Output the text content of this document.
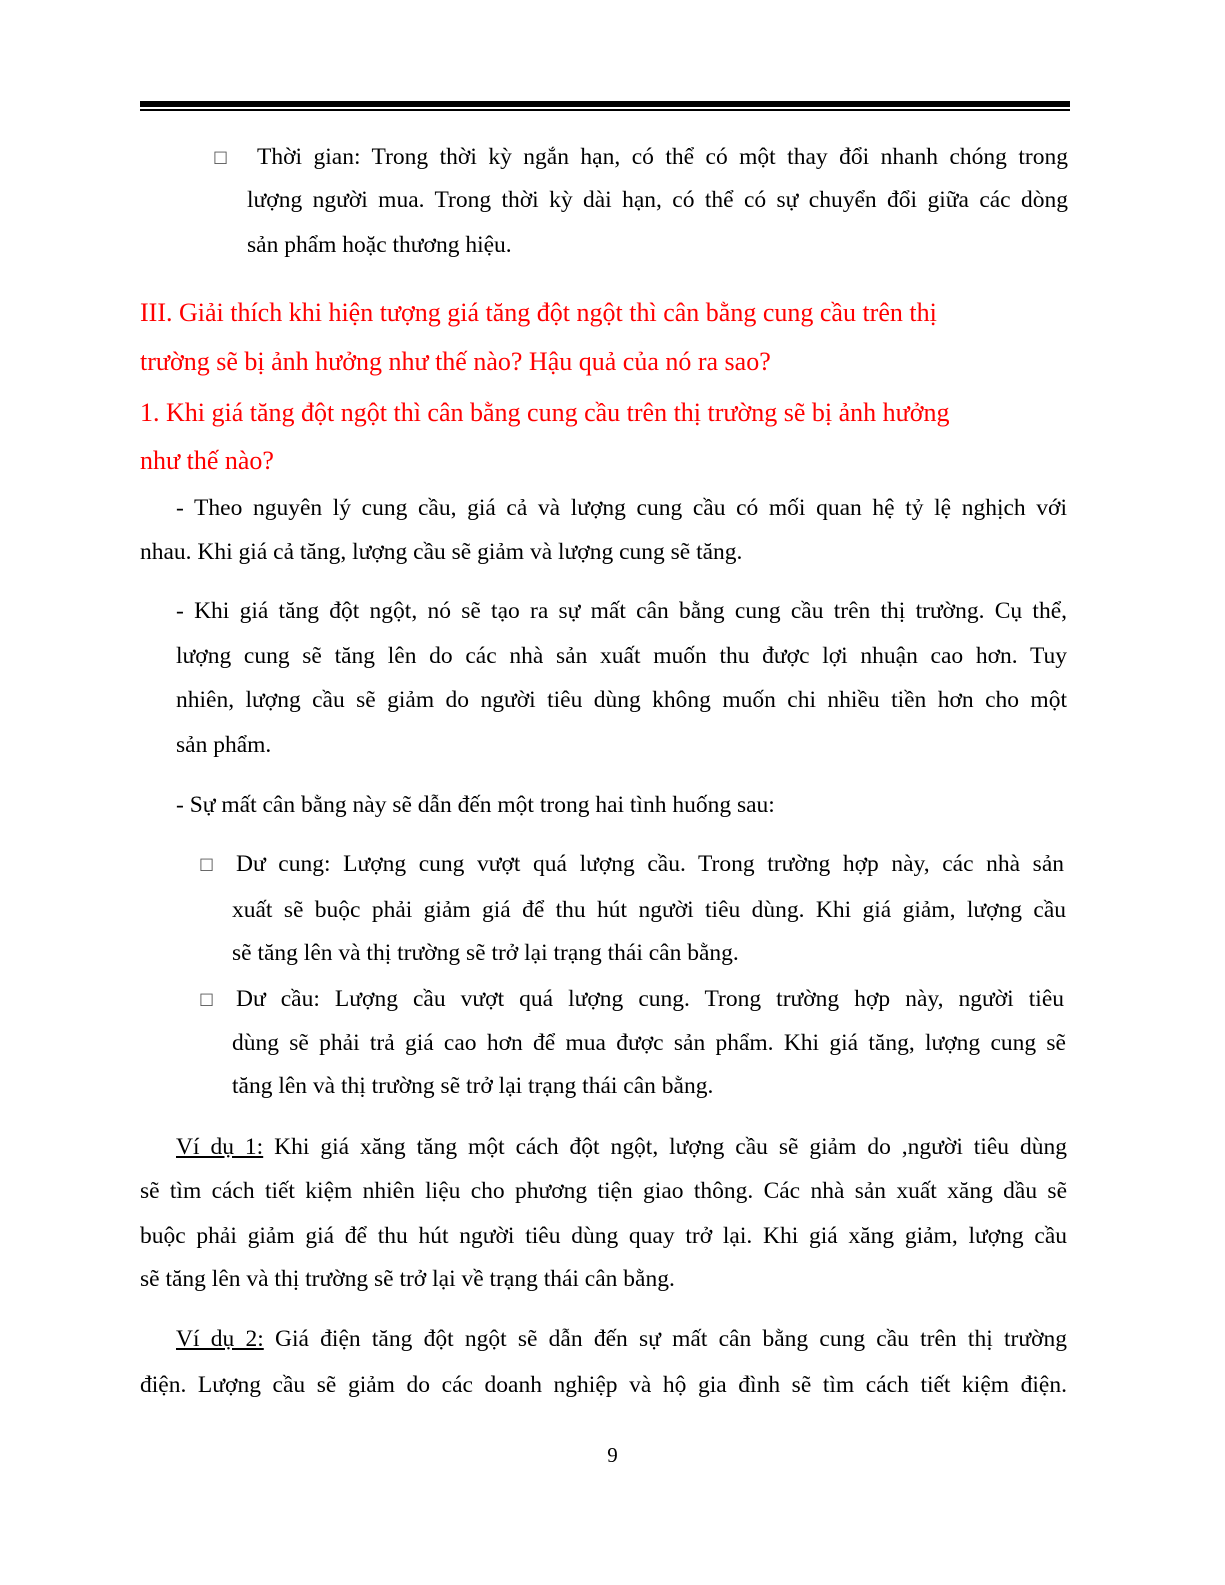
□ Thời gian: Trong thời kỳ ngắn hạn, có thể có một thay đổi nhanh chóng trong
lượng người mua. Trong thời kỳ dài hạn, có thể có sự chuyển đổi giữa các dòng
sản phẩm hoặc thương hiệu.
III. Giải thích khi hiện tượng giá tăng đột ngột thì cân bằng cung cầu trên thị
trường sẽ bị ảnh hưởng như thế nào? Hậu quả của nó ra sao?
1. Khi giá tăng đột ngột thì cân bằng cung cầu trên thị trường sẽ bị ảnh hưởng
như thế nào?
- Theo nguyên lý cung cầu, giá cả và lượng cung cầu có mối quan hệ tỷ lệ nghịch với
nhau. Khi giá cả tăng, lượng cầu sẽ giảm và lượng cung sẽ tăng.
- Khi giá tăng đột ngột, nó sẽ tạo ra sự mất cân bằng cung cầu trên thị trường. Cụ thể,
lượng cung sẽ tăng lên do các nhà sản xuất muốn thu được lợi nhuận cao hơn. Tuy
nhiên, lượng cầu sẽ giảm do người tiêu dùng không muốn chi nhiều tiền hơn cho một
sản phẩm.
- Sự mất cân bằng này sẽ dẫn đến một trong hai tình huống sau:
□ Dư cung: Lượng cung vượt quá lượng cầu. Trong trường hợp này, các nhà sản
xuất sẽ buộc phải giảm giá để thu hút người tiêu dùng. Khi giá giảm, lượng cầu
sẽ tăng lên và thị trường sẽ trở lại trạng thái cân bằng.
□ Dư cầu: Lượng cầu vượt quá lượng cung. Trong trường hợp này, người tiêu
dùng sẽ phải trả giá cao hơn để mua được sản phẩm. Khi giá tăng, lượng cung sẽ
tăng lên và thị trường sẽ trở lại trạng thái cân bằng.
Ví dụ 1: Khi giá xăng tăng một cách đột ngột, lượng cầu sẽ giảm do ,người tiêu dùng
sẽ tìm cách tiết kiệm nhiên liệu cho phương tiện giao thông. Các nhà sản xuất xăng dầu sẽ
buộc phải giảm giá để thu hút người tiêu dùng quay trở lại. Khi giá xăng giảm, lượng cầu
sẽ tăng lên và thị trường sẽ trở lại về trạng thái cân bằng.
Ví dụ 2: Giá điện tăng đột ngột sẽ dẫn đến sự mất cân bằng cung cầu trên thị trường
điện. Lượng cầu sẽ giảm do các doanh nghiệp và hộ gia đình sẽ tìm cách tiết kiệm điện.
9
